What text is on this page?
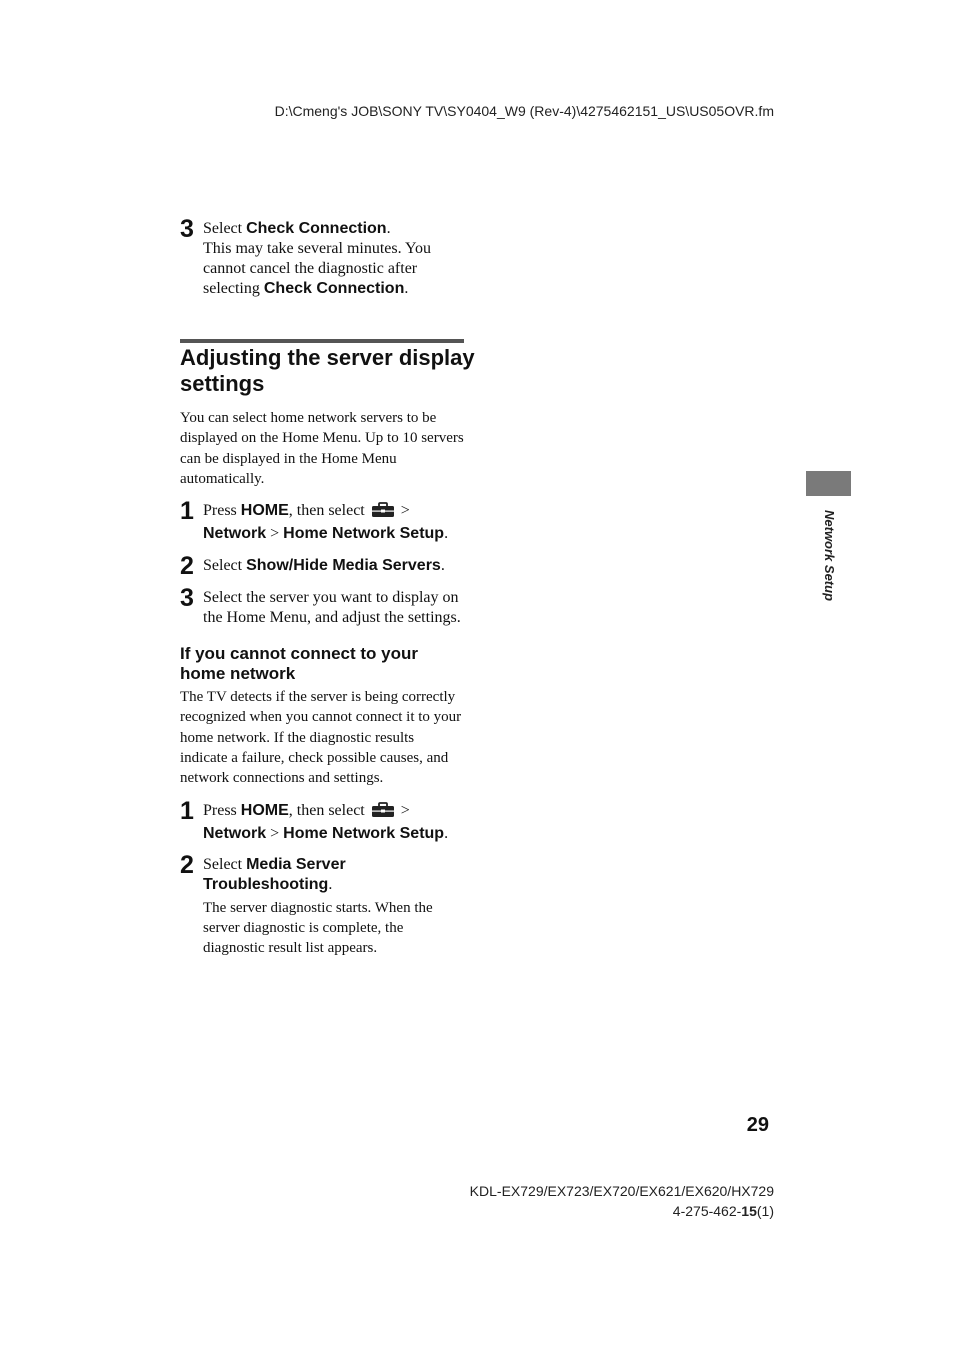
D:\Cmeng's JOB\SONY TV\SY0404_W9 (Rev-4)\4275462151_US\US05OVR.fm
3 Select Check Connection.
This may take several minutes. You cannot cancel the diagnostic after selecting Check Connection.
Adjusting the server display settings
You can select home network servers to be displayed on the Home Menu. Up to 10 servers can be displayed in the Home Menu automatically.
1 Press HOME, then select  > Network > Home Network Setup.
2 Select Show/Hide Media Servers.
3 Select the server you want to display on the Home Menu, and adjust the settings.
If you cannot connect to your home network
The TV detects if the server is being correctly recognized when you cannot connect it to your home network. If the diagnostic results indicate a failure, check possible causes, and network connections and settings.
1 Press HOME, then select  > Network > Home Network Setup.
2 Select Media Server Troubleshooting.
The server diagnostic starts. When the server diagnostic is complete, the diagnostic result list appears.
Network Setup
29
KDL-EX729/EX723/EX720/EX621/EX620/HX729
4-275-462-15(1)
